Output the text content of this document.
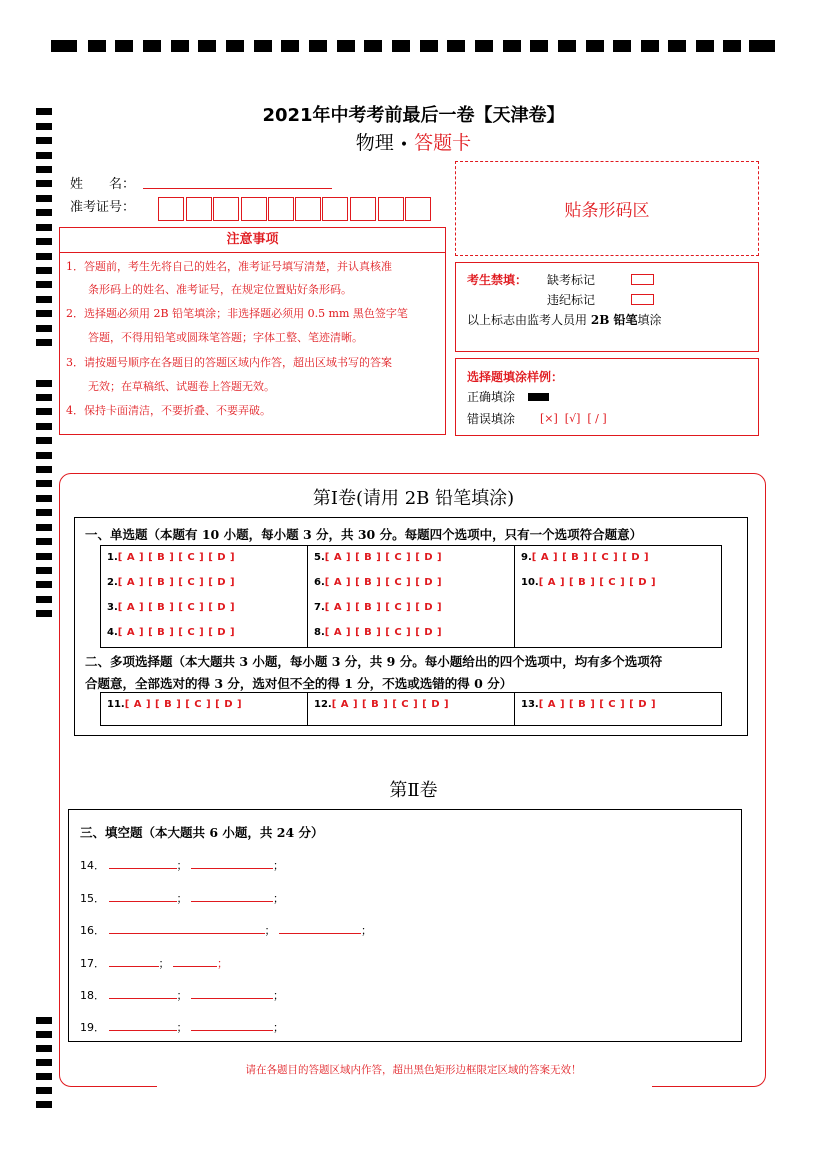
2021年中考考前最后一卷【天津卷】
物理 • 答题卡
姓　　名：
准考证号：	贴条形码区
注意事项
1．答题前，考生先将自己的姓名，准考证号填写清楚，并认真核准
　　条形码上的姓名、准考证号，在规定位置贴好条形码。
2．选择题必须用 2B 铅笔填涂；非选择题必须用 0.5 mm 黑色签字笔
　　答题，不得用铅笔或圆珠笔答题；字体工整、笔迹清晰。
3．请按题号顺序在各题目的答题区域内作答，超出区域书写的答案
　　无效；在草稿纸、试题卷上答题无效。
4．保持卡面清洁，不要折叠、不要弄破。
考生禁填： 缺考标记
违纪标记
以上标志由监考人员用 2B 铅笔填涂
选择题填涂样例：
正确填涂
错误填涂 [×]  [√]  [ / ]
第Ⅰ卷(请用 2B 铅笔填涂)
一、单选题（本题有 10 小题，每小题 3 分，共 30 分。每题四个选项中，只有一个选项符合题意）
1.[ A ] [ B ] [ C ] [ D ]
2.[ A ] [ B ] [ C ] [ D ]
3.[ A ] [ B ] [ C ] [ D ]
4.[ A ] [ B ] [ C ] [ D ]
5.[ A ] [ B ] [ C ] [ D ]
6.[ A ] [ B ] [ C ] [ D ]
7.[ A ] [ B ] [ C ] [ D ]
8.[ A ] [ B ] [ C ] [ D ]
9.[ A ] [ B ] [ C ] [ D ]
10.[ A ] [ B ] [ C ] [ D ]
二、多项选择题（本大题共 3 小题，每小题 3 分，共 9 分。每小题给出的四个选项中，均有多个选项符
合题意，全部选对的得 3 分，选对但不全的得 1 分，不选或选错的得 0 分）
11.[ A ] [ B ] [ C ] [ D ]	12.[ A ] [ B ] [ C ] [ D ]	13.[ A ] [ B ] [ C ] [ D ]
第Ⅱ卷
三、填空题（本大题共 6 小题，共 24 分）
14．	；	；
15．	；	；
16．	；	；
17．	；	；
18．	；	；
19．	；	；
请在各题目的答题区域内作答，超出黑色矩形边框限定区域的答案无效！
